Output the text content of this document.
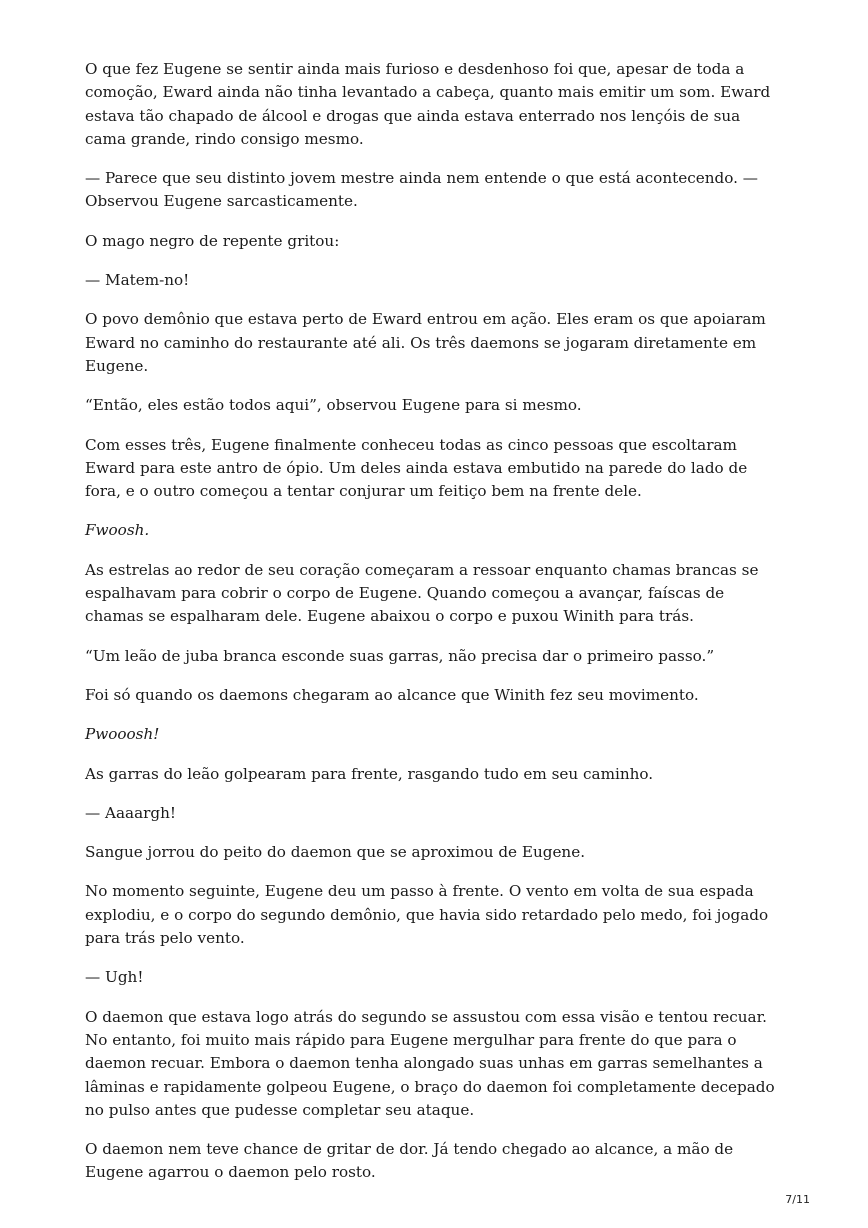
O que fez Eugene se sentir ainda mais furioso e desdenhoso foi que, apesar de toda a comoção, Eward ainda não tinha levantado a cabeça, quanto mais emitir um som. Eward estava tão chapado de álcool e drogas que ainda estava enterrado nos lençóis de sua cama grande, rindo consigo mesmo.

— Parece que seu distinto jovem mestre ainda nem entende o que está acontecendo. — Observou Eugene sarcasticamente.

O mago negro de repente gritou:

— Matem-no!

O povo demônio que estava perto de Eward entrou em ação. Eles eram os que apoiaram Eward no caminho do restaurante até ali. Os três daemons se jogaram diretamente em Eugene.

“Então, eles estão todos aqui”, observou Eugene para si mesmo.

Com esses três, Eugene finalmente conheceu todas as cinco pessoas que escoltaram Eward para este antro de ópio. Um deles ainda estava embutido na parede do lado de fora, e o outro começou a tentar conjurar um feitiço bem na frente dele.

Fwoosh.

As estrelas ao redor de seu coração começaram a ressoar enquanto chamas brancas se espalhavam para cobrir o corpo de Eugene. Quando começou a avançar, faíscas de chamas se espalharam dele. Eugene abaixou o corpo e puxou Winith para trás.

“Um leão de juba branca esconde suas garras, não precisa dar o primeiro passo.”

Foi só quando os daemons chegaram ao alcance que Winith fez seu movimento.

Pwooosh!

As garras do leão golpearam para frente, rasgando tudo em seu caminho.

— Aaaargh!

Sangue jorrou do peito do daemon que se aproximou de Eugene.

No momento seguinte, Eugene deu um passo à frente. O vento em volta de sua espada explodiu, e o corpo do segundo demônio, que havia sido retardado pelo medo, foi jogado para trás pelo vento.

— Ugh!

O daemon que estava logo atrás do segundo se assustou com essa visão e tentou recuar. No entanto, foi muito mais rápido para Eugene mergulhar para frente do que para o daemon recuar. Embora o daemon tenha alongado suas unhas em garras semelhantes a lâminas e rapidamente golpeou Eugene, o braço do daemon foi completamente decepado no pulso antes que pudesse completar seu ataque.

O daemon nem teve chance de gritar de dor. Já tendo chegado ao alcance, a mão de Eugene agarrou o daemon pelo rosto.

7/11
